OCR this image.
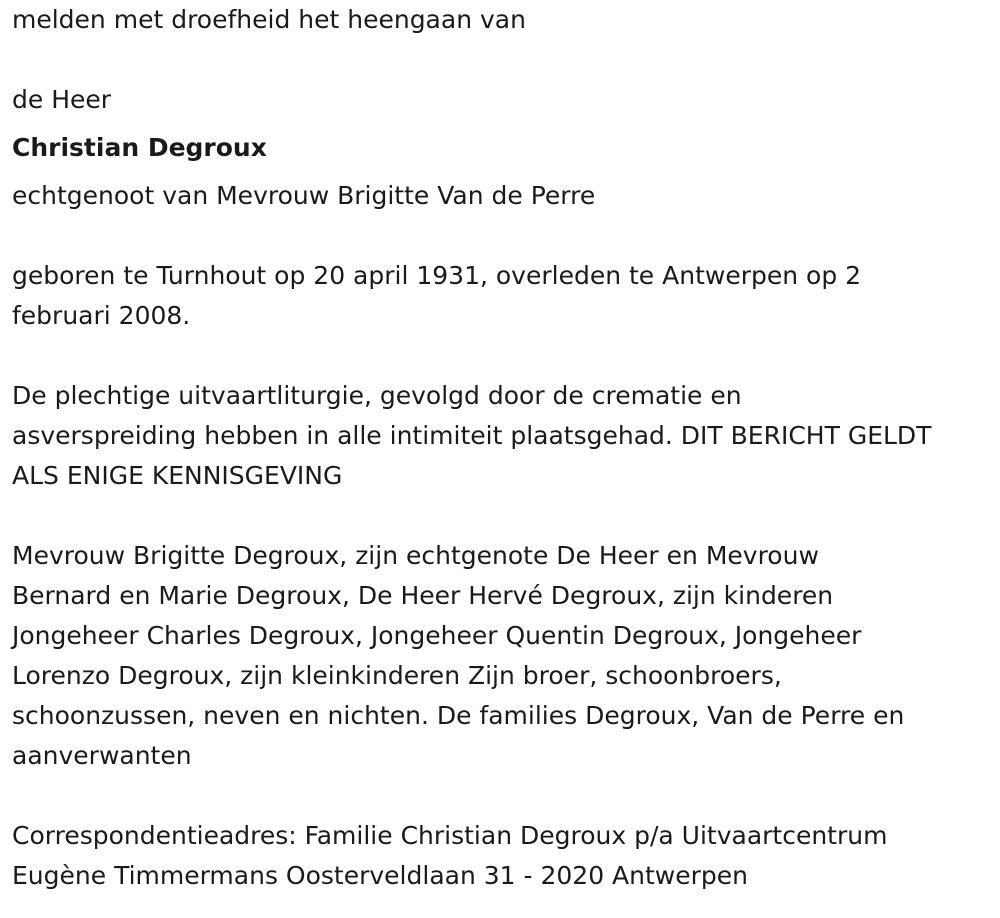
melden met droefheid het heengaan van

de Heer

Christian Degroux

echtgenoot van Mevrouw Brigitte Van de Perre

geboren te Turnhout op 20 april 1931, overleden te Antwerpen op 2

februari 2008.

De plechtige uitvaartliturgie, gevolgd door de crematie en

asverspreiding hebben in alle intimiteit plaatsgehad. DIT BERICHT GELDT

ALS ENIGE KENNISGEVING

Mevrouw Brigitte Degroux, zijn echtgenote De Heer en Mevrouw

Bernard en Marie Degroux, De Heer Hervé Degroux, zijn kinderen

Jongeheer Charles Degroux, Jongeheer Quentin Degroux, Jongeheer

Lorenzo Degroux, zijn kleinkinderen Zijn broer, schoonbroers,

schoonzussen, neven en nichten. De families Degroux, Van de Perre en

aanverwanten

Correspondentieadres: Familie Christian Degroux p/a Uitvaartcentrum

Eugène Timmermans Oosterveldlaan 31 - 2020 Antwerpen
